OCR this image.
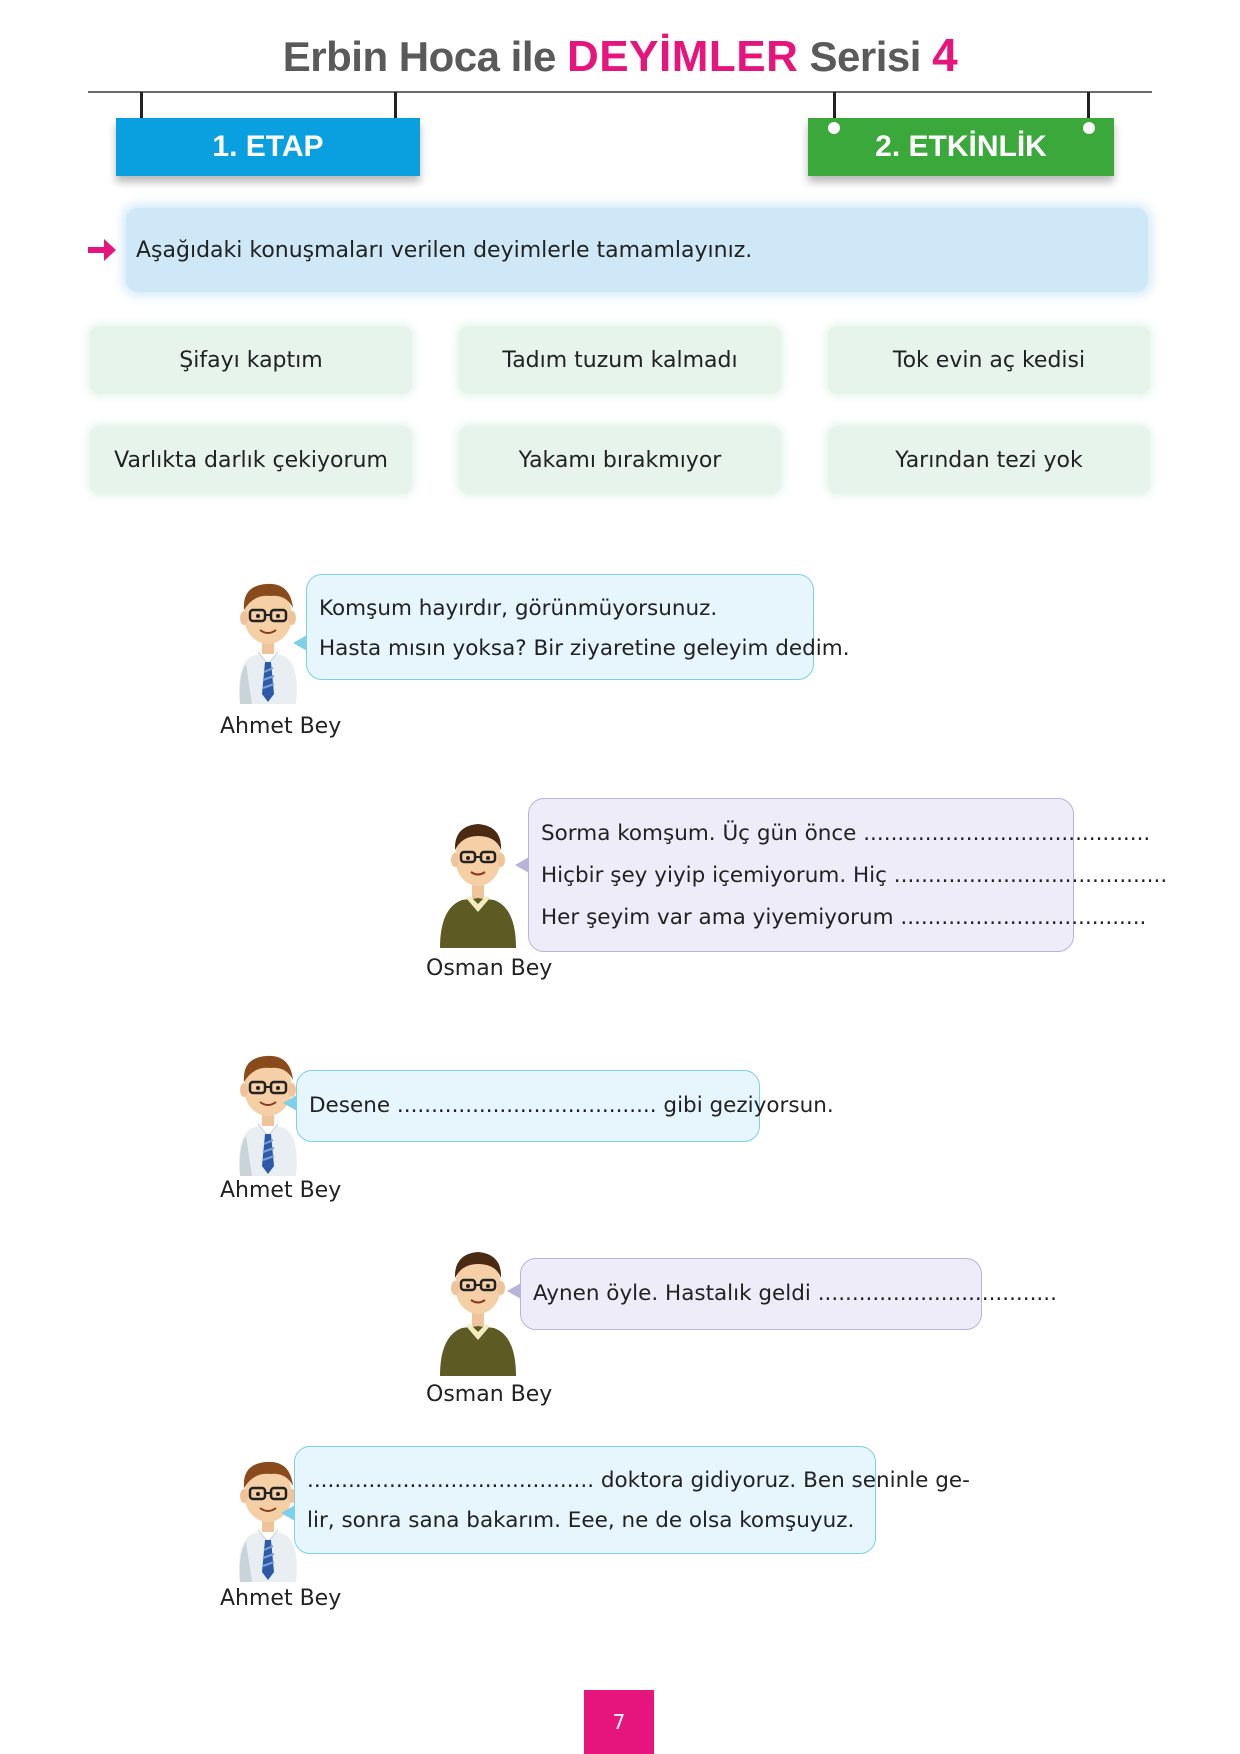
Erbin Hoca ile DEYİMLER Serisi 4
1. ETAP	2. ETKİNLİK
Aşağıdaki konuşmaları verilen deyimlerle tamamlayınız.
Şifayı kaptım	Tadım tuzum kalmadı	Tok evin aç kedisi
Varlıkta darlık çekiyorum	Yakamı bırakmıyor	Yarından tezi yok
Ahmet Bey
Komşum hayırdır, görünmüyorsunuz.
Hasta mısın yoksa? Bir ziyaretine geleyim dedim.
Osman Bey
Sorma komşum. Üç gün önce ..........................................
Hiçbir şey yiyip içemiyorum. Hiç ........................................
Her şeyim var ama yiyemiyorum ....................................
Ahmet Bey
Desene ...................................... gibi geziyorsun.
Osman Bey
Aynen öyle. Hastalık geldi ...................................
Ahmet Bey
.......................................... doktora gidiyoruz. Ben seninle ge-
lir, sonra sana bakarım. Eee, ne de olsa komşuyuz.
7
